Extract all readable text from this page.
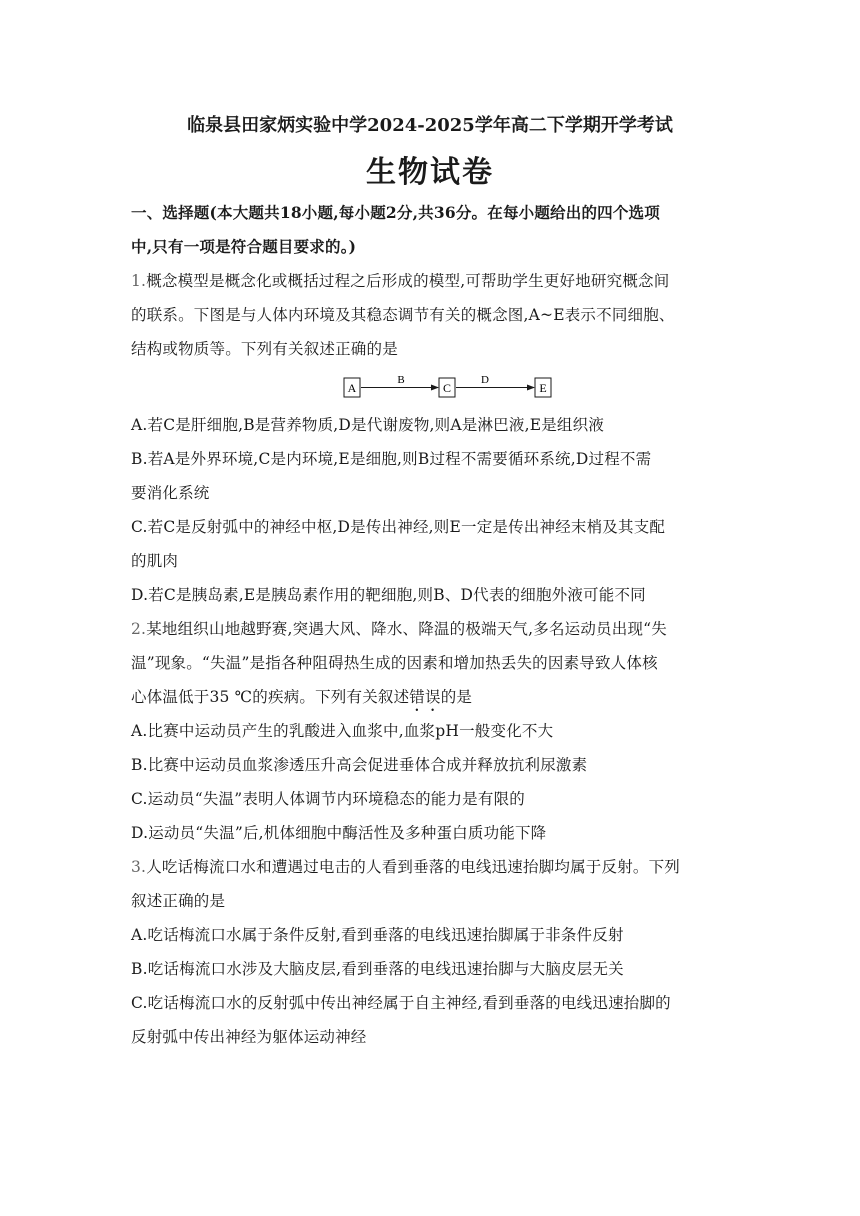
临泉县田家炳实验中学2024-2025学年高二下学期开学考试
生物试卷
一、选择题(本大题共18小题,每小题2分,共36分。在每小题给出的四个选项
中,只有一项是符合题目要求的。)
1.概念模型是概念化或概括过程之后形成的模型,可帮助学生更好地研究概念间
的联系。下图是与人体内环境及其稳态调节有关的概念图,A~E表示不同细胞、
结构或物质等。下列有关叙述正确的是
A
B
C
D
E
A.若C是肝细胞,B是营养物质,D是代谢废物,则A是淋巴液,E是组织液
B.若A是外界环境,C是内环境,E是细胞,则B过程不需要循环系统,D过程不需
要消化系统
C.若C是反射弧中的神经中枢,D是传出神经,则E一定是传出神经末梢及其支配
的肌肉
D.若C是胰岛素,E是胰岛素作用的靶细胞,则B、D代表的细胞外液可能不同
2.某地组织山地越野赛,突遇大风、降水、降温的极端天气,多名运动员出现“失
温”现象。“失温”是指各种阻碍热生成的因素和增加热丢失的因素导致人体核
心体温低于35 ℃的疾病。下列有关叙述错误的是
A.比赛中运动员产生的乳酸进入血浆中,血浆pH一般变化不大
B.比赛中运动员血浆渗透压升高会促进垂体合成并释放抗利尿激素
C.运动员“失温”表明人体调节内环境稳态的能力是有限的
D.运动员“失温”后,机体细胞中酶活性及多种蛋白质功能下降
3.人吃话梅流口水和遭遇过电击的人看到垂落的电线迅速抬脚均属于反射。下列
叙述正确的是
A.吃话梅流口水属于条件反射,看到垂落的电线迅速抬脚属于非条件反射
B.吃话梅流口水涉及大脑皮层,看到垂落的电线迅速抬脚与大脑皮层无关
C.吃话梅流口水的反射弧中传出神经属于自主神经,看到垂落的电线迅速抬脚的
反射弧中传出神经为躯体运动神经
